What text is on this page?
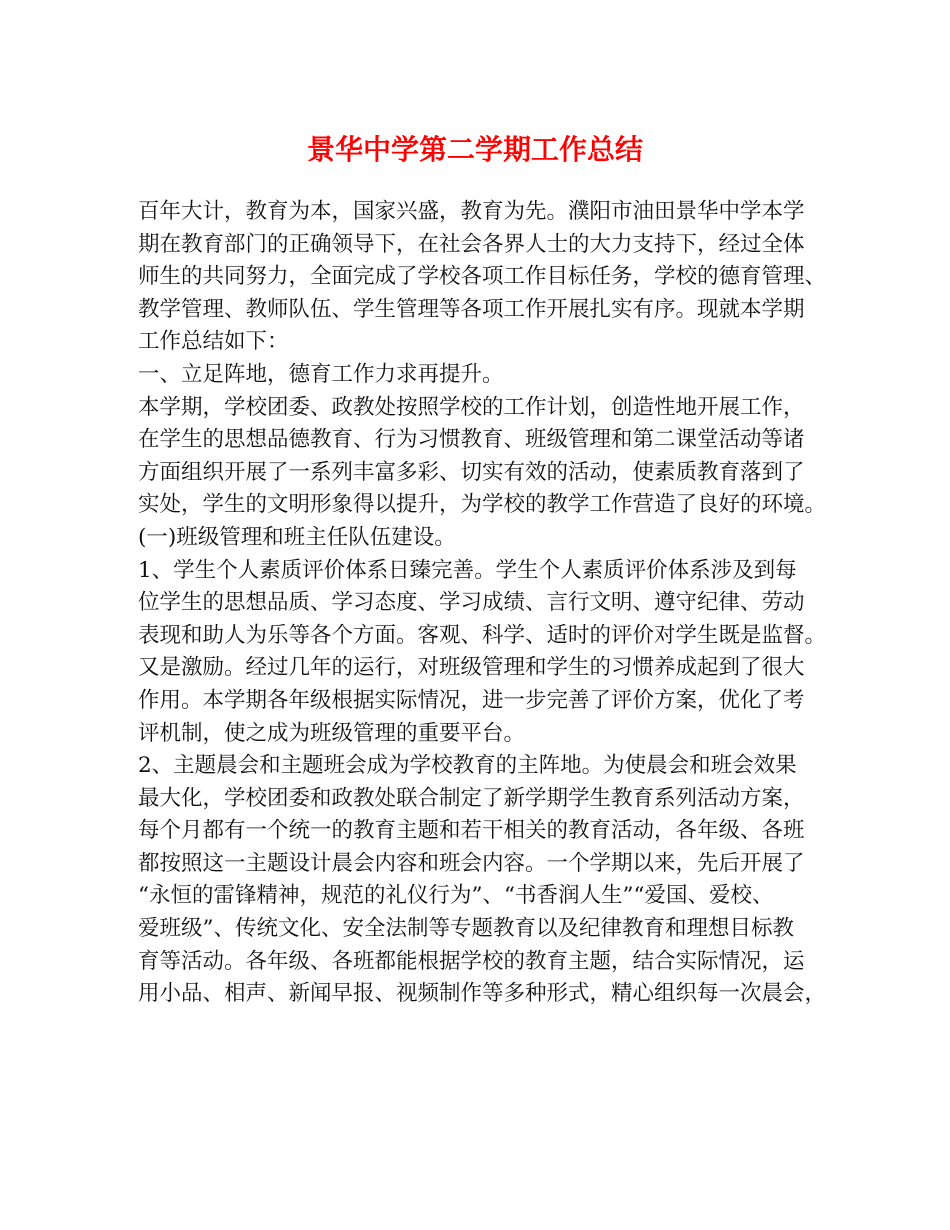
景华中学第二学期工作总结
百年大计，教育为本，国家兴盛，教育为先。濮阳市油田景华中学本学
期在教育部门的正确领导下，在社会各界人士的大力支持下，经过全体
师生的共同努力，全面完成了学校各项工作目标任务，学校的德育管理、
教学管理、教师队伍、学生管理等各项工作开展扎实有序。现就本学期
工作总结如下：
一、立足阵地，德育工作力求再提升。
本学期，学校团委、政教处按照学校的工作计划，创造性地开展工作，
在学生的思想品德教育、行为习惯教育、班级管理和第二课堂活动等诸
方面组织开展了一系列丰富多彩、切实有效的活动，使素质教育落到了
实处，学生的文明形象得以提升，为学校的教学工作营造了良好的环境。
(一)班级管理和班主任队伍建设。
1、学生个人素质评价体系日臻完善。学生个人素质评价体系涉及到每
位学生的思想品质、学习态度、学习成绩、言行文明、遵守纪律、劳动
表现和助人为乐等各个方面。客观、科学、适时的评价对学生既是监督。
又是激励。经过几年的运行，对班级管理和学生的习惯养成起到了很大
作用。本学期各年级根据实际情况，进一步完善了评价方案，优化了考
评机制，使之成为班级管理的重要平台。
2、主题晨会和主题班会成为学校教育的主阵地。为使晨会和班会效果
最大化，学校团委和政教处联合制定了新学期学生教育系列活动方案，
每个月都有一个统一的教育主题和若干相关的教育活动，各年级、各班
都按照这一主题设计晨会内容和班会内容。一个学期以来，先后开展了
“永恒的雷锋精神，规范的礼仪行为”、“书香润人生”“爱国、爱校、
爱班级”、传统文化、安全法制等专题教育以及纪律教育和理想目标教
育等活动。各年级、各班都能根据学校的教育主题，结合实际情况，运
用小品、相声、新闻早报、视频制作等多种形式，精心组织每一次晨会，
